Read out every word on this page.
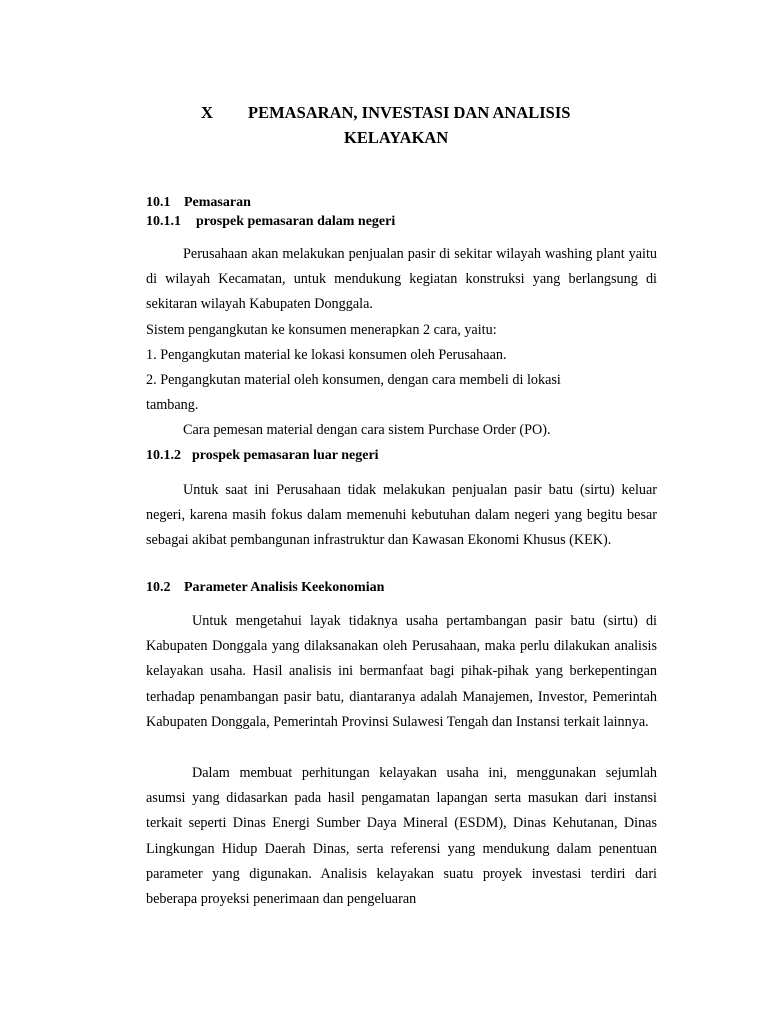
X PEMASARAN, INVESTASI DAN ANALISIS
KELAYAKAN
10.1 Pemasaran
10.1.1 prospek pemasaran dalam negeri

Perusahaan akan melakukan penjualan pasir di sekitar wilayah washing plant yaitu di wilayah Kecamatan, untuk mendukung kegiatan konstruksi yang berlangsung di sekitaran wilayah Kabupaten Donggala.

Sistem pengangkutan ke konsumen menerapkan 2 cara, yaitu:
1. Pengangkutan material ke lokasi konsumen oleh Perusahaan.
2. Pengangkutan material oleh konsumen, dengan cara membeli di lokasi
tambang.
Cara pemesan material dengan cara sistem Purchase Order (PO).
10.1.2 prospek pemasaran luar negeri

Untuk saat ini Perusahaan tidak melakukan penjualan pasir batu (sirtu) keluar negeri, karena masih fokus dalam memenuhi kebutuhan dalam negeri yang begitu besar sebagai akibat pembangunan infrastruktur dan Kawasan Ekonomi Khusus (KEK).

10.2 Parameter Analisis Keekonomian

Untuk mengetahui layak tidaknya usaha pertambangan pasir batu (sirtu) di Kabupaten Donggala yang dilaksanakan oleh Perusahaan, maka perlu dilakukan analisis kelayakan usaha. Hasil analisis ini bermanfaat bagi pihak-pihak yang berkepentingan terhadap penambangan pasir batu, diantaranya adalah Manajemen, Investor, Pemerintah Kabupaten Donggala, Pemerintah Provinsi Sulawesi Tengah dan Instansi terkait lainnya.

Dalam membuat perhitungan kelayakan usaha ini, menggunakan sejumlah asumsi yang didasarkan pada hasil pengamatan lapangan serta masukan dari instansi terkait seperti Dinas Energi Sumber Daya Mineral (ESDM), Dinas Kehutanan, Dinas Lingkungan Hidup Daerah Dinas, serta referensi yang mendukung dalam penentuan parameter yang digunakan. Analisis kelayakan suatu proyek investasi terdiri dari beberapa proyeksi penerimaan dan pengeluaran
